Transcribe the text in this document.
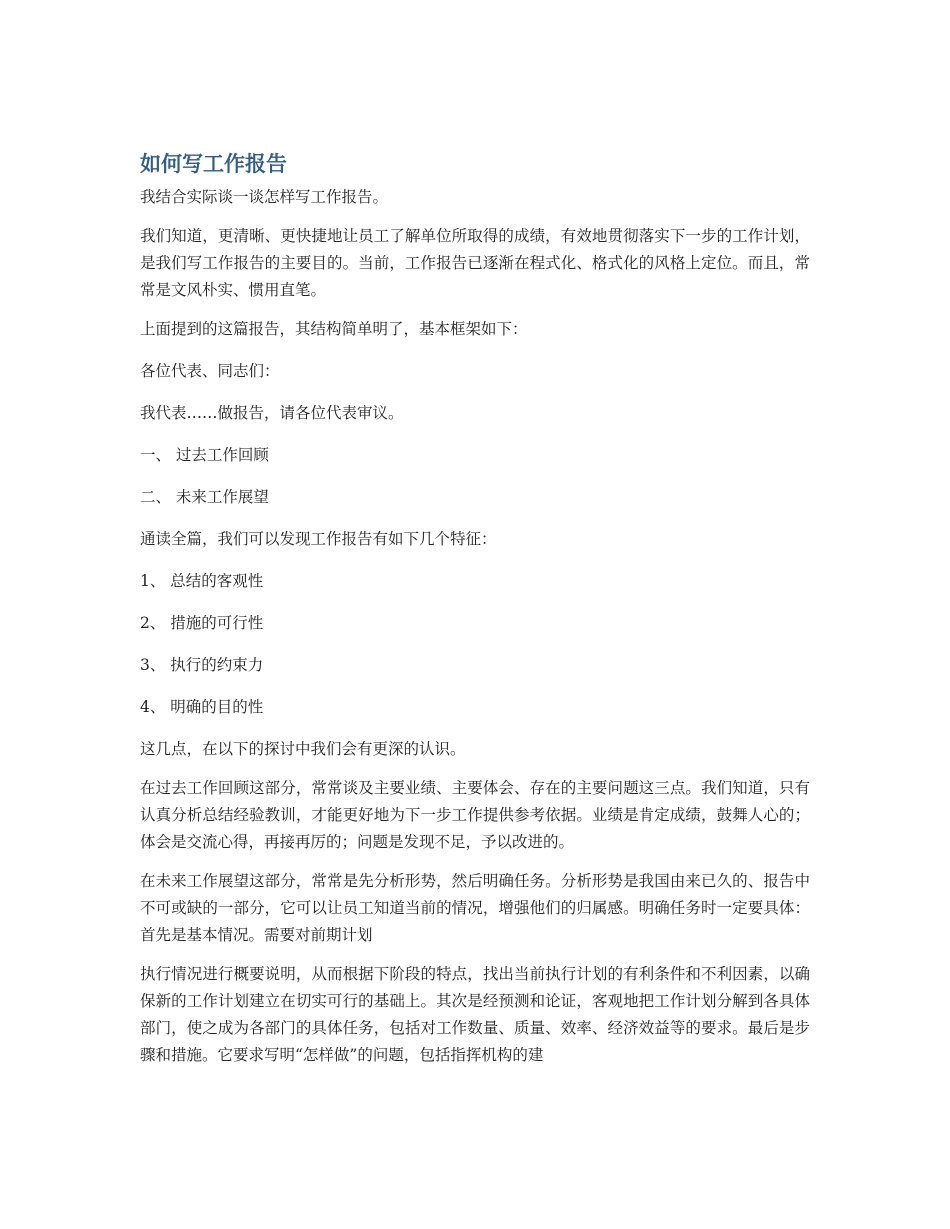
如何写工作报告

我结合实际谈一谈怎样写工作报告。

我们知道，更清晰、更快捷地让员工了解单位所取得的成绩，有效地贯彻落实下一步的工作计划，是我们写工作报告的主要目的。当前，工作报告已逐渐在程式化、格式化的风格上定位。而且，常常是文风朴实、惯用直笔。

上面提到的这篇报告，其结构简单明了，基本框架如下：

各位代表、同志们：

我代表……做报告，请各位代表审议。

一、 过去工作回顾

二、 未来工作展望

通读全篇，我们可以发现工作报告有如下几个特征：

1、 总结的客观性

2、 措施的可行性

3、 执行的约束力

4、 明确的目的性

这几点，在以下的探讨中我们会有更深的认识。

在过去工作回顾这部分，常常谈及主要业绩、主要体会、存在的主要问题这三点。我们知道，只有认真分析总结经验教训，才能更好地为下一步工作提供参考依据。业绩是肯定成绩，鼓舞人心的；体会是交流心得，再接再厉的；问题是发现不足，予以改进的。

在未来工作展望这部分，常常是先分析形势，然后明确任务。分析形势是我国由来已久的、报告中不可或缺的一部分，它可以让员工知道当前的情况，增强他们的归属感。明确任务时一定要具体：首先是基本情况。需要对前期计划

执行情况进行概要说明，从而根据下阶段的特点，找出当前执行计划的有利条件和不利因素，以确保新的工作计划建立在切实可行的基础上。其次是经预测和论证，客观地把工作计划分解到各具体部门，使之成为各部门的具体任务，包括对工作数量、质量、效率、经济效益等的要求。最后是步骤和措施。它要求写明“怎样做”的问题，包括指挥机构的建
